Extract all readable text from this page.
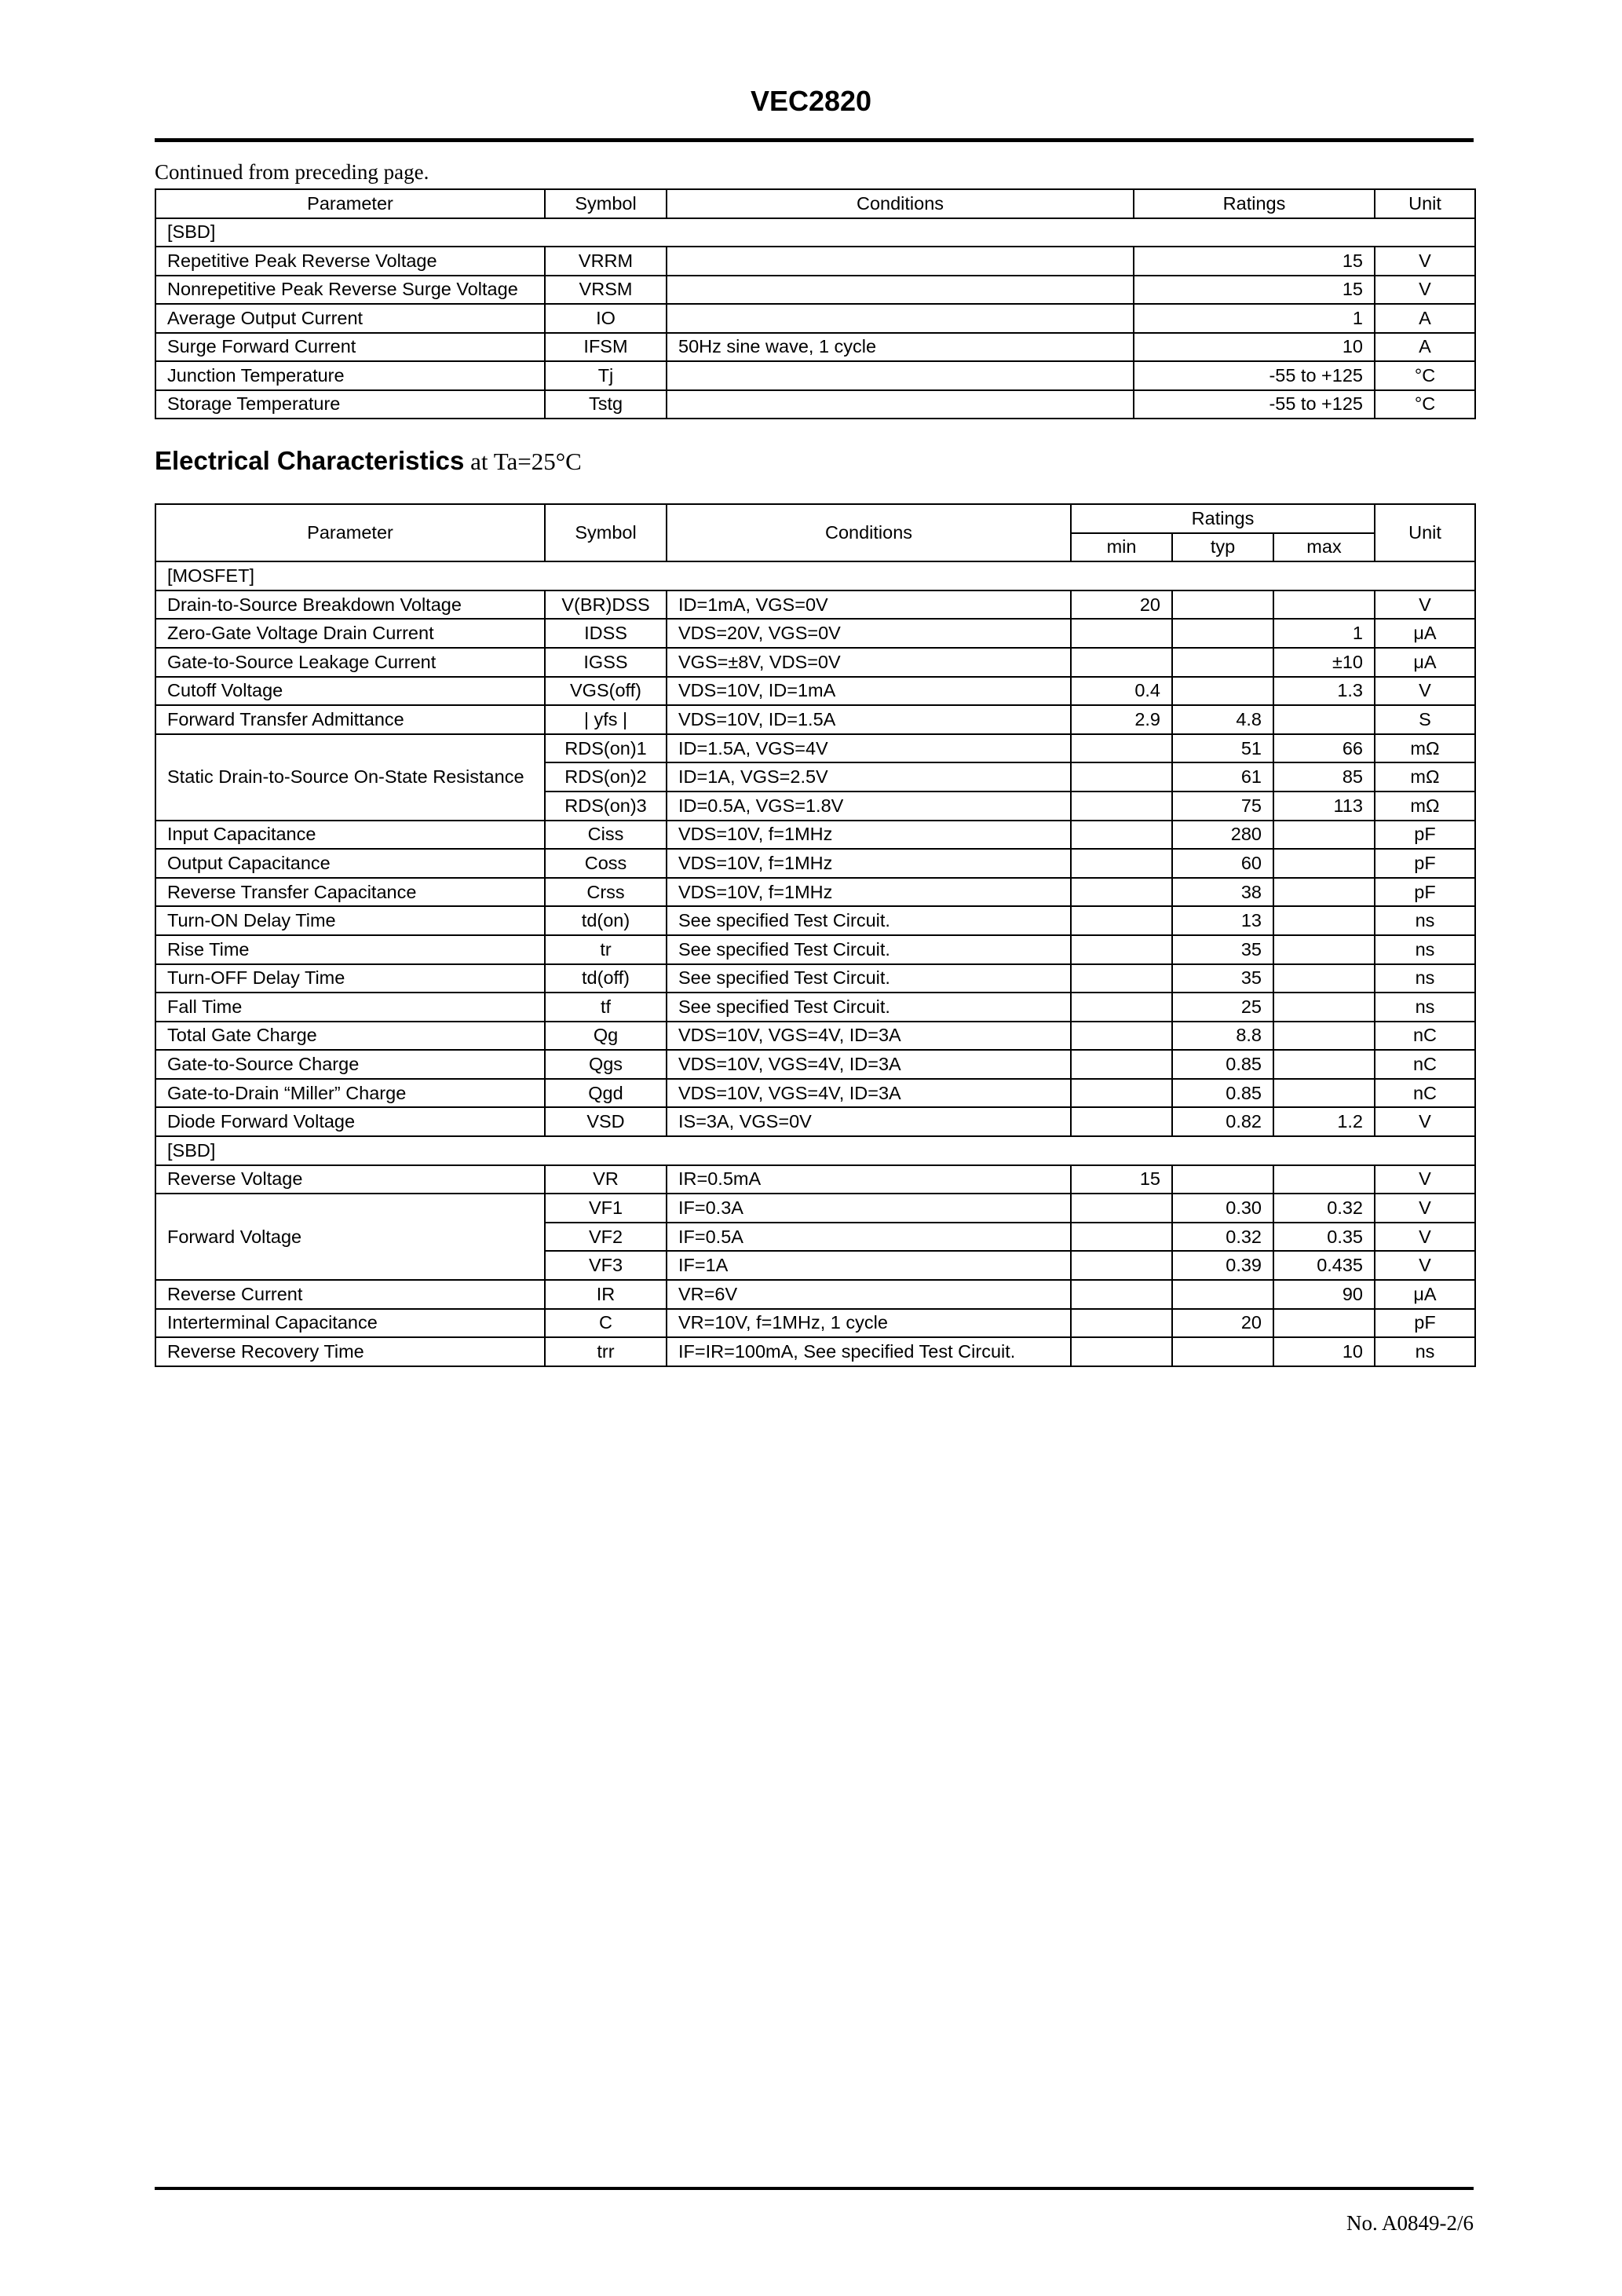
VEC2820
Continued from preceding page.
Parameter	Symbol	Conditions	Ratings	Unit
[SBD]				
Repetitive Peak Reverse Voltage	VRRM		15	V
Nonrepetitive Peak Reverse Surge Voltage	VRSM		15	V
Average Output Current	IO		1	A
Surge Forward Current	IFSM	50Hz sine wave, 1 cycle	10	A
Junction Temperature	Tj		-55 to +125	°C
Storage Temperature	Tstg		-55 to +125	°C
Electrical Characteristics at Ta=25°C
Parameter	Symbol	Conditions	Ratings			Unit
			min	typ	max	
[MOSFET]						
Drain-to-Source Breakdown Voltage	V(BR)DSS	ID=1mA, VGS=0V	20			V
Zero-Gate Voltage Drain Current	IDSS	VDS=20V, VGS=0V			1	μA
Gate-to-Source Leakage Current	IGSS	VGS=±8V, VDS=0V			±10	μA
Cutoff Voltage	VGS(off)	VDS=10V, ID=1mA	0.4		1.3	V
Forward Transfer Admittance	| yfs |	VDS=10V, ID=1.5A	2.9	4.8		S
Static Drain-to-Source On-State Resistance	RDS(on)1	ID=1.5A, VGS=4V		51	66	mΩ
	RDS(on)2	ID=1A, VGS=2.5V		61	85	mΩ
	RDS(on)3	ID=0.5A, VGS=1.8V		75	113	mΩ
Input Capacitance	Ciss	VDS=10V, f=1MHz		280		pF
Output Capacitance	Coss	VDS=10V, f=1MHz		60		pF
Reverse Transfer Capacitance	Crss	VDS=10V, f=1MHz		38		pF
Turn-ON Delay Time	td(on)	See specified Test Circuit.		13		ns
Rise Time	tr	See specified Test Circuit.		35		ns
Turn-OFF Delay Time	td(off)	See specified Test Circuit.		35		ns
Fall Time	tf	See specified Test Circuit.		25		ns
Total Gate Charge	Qg	VDS=10V, VGS=4V, ID=3A		8.8		nC
Gate-to-Source Charge	Qgs	VDS=10V, VGS=4V, ID=3A		0.85		nC
Gate-to-Drain “Miller” Charge	Qgd	VDS=10V, VGS=4V, ID=3A		0.85		nC
Diode Forward Voltage	VSD	IS=3A, VGS=0V		0.82	1.2	V
[SBD]						
Reverse Voltage	VR	IR=0.5mA	15			V
Forward Voltage	VF1	IF=0.3A		0.30	0.32	V
	VF2	IF=0.5A		0.32	0.35	V
	VF3	IF=1A		0.39	0.435	V
Reverse Current	IR	VR=6V			90	μA
Interterminal Capacitance	C	VR=10V, f=1MHz, 1 cycle		20		pF
Reverse Recovery Time	trr	IF=IR=100mA, See specified Test Circuit.			10	ns
No. A0849-2/6
